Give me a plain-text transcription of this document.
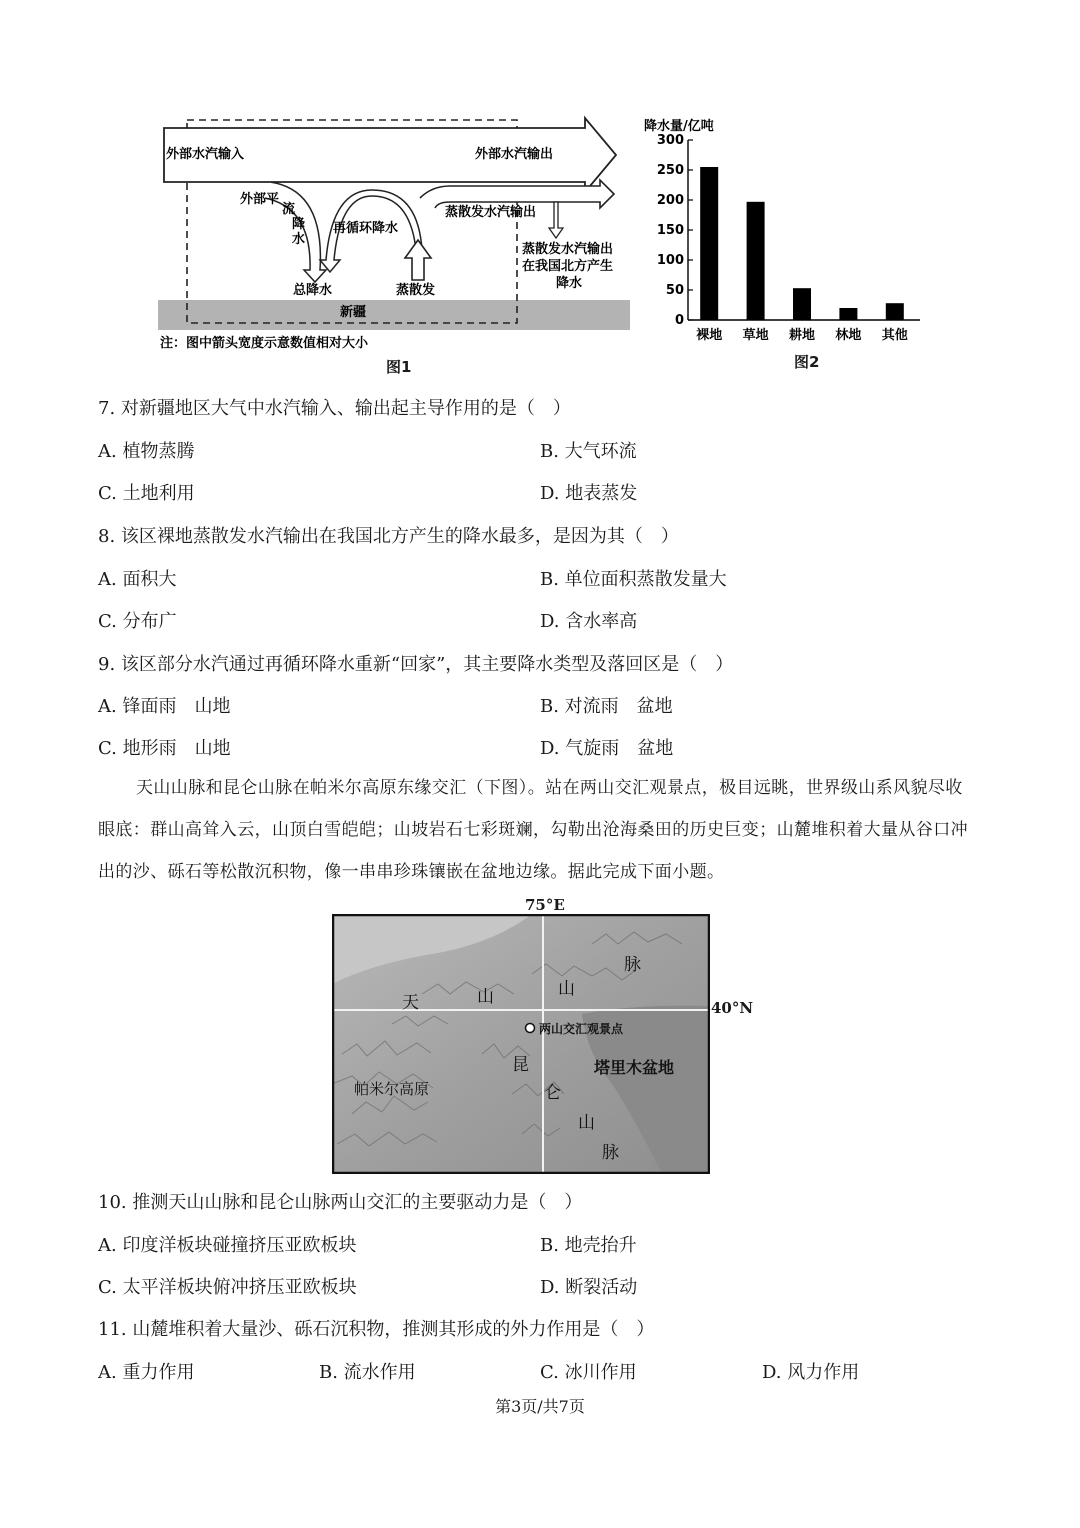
外部水汽输入	外部水汽输出
外部平
流
降
水
再循环降水
蒸散发水汽输出
蒸散发水汽输出
在我国北方产生
降水
总降水	蒸散发
新疆
注：图中箭头宽度示意数值相对大小
图1
降水量/亿吨
0
50
100
150
200
250
300
裸地 草地 耕地 林地 其他
图2
7. 对新疆地区大气中水汽输入、输出起主导作用的是（　）
A. 植物蒸腾	B. 大气环流
C. 土地利用	D. 地表蒸发
8. 该区裸地蒸散发水汽输出在我国北方产生的降水最多，是因为其（　）
A. 面积大	B. 单位面积蒸散发量大
C. 分布广	D. 含水率高
9. 该区部分水汽通过再循环降水重新“回家”，其主要降水类型及落回区是（　）
A. 锋面雨　山地	B. 对流雨　盆地
C. 地形雨　山地	D. 气旋雨　盆地
天山山脉和昆仑山脉在帕米尔高原东缘交汇（下图）。站在两山交汇观景点，极目远眺，世界级山系风貌尽收眼底：群山高耸入云，山顶白雪皑皑；山坡岩石七彩斑斓，勾勒出沧海桑田的历史巨变；山麓堆积着大量从谷口冲出的沙、砾石等松散沉积物，像一串串珍珠镶嵌在盆地边缘。据此完成下面小题。
75°E
40°N
天	山	山
脉
两山交汇观景点
昆
仑
山
脉
塔里木盆地
帕米尔高原
10. 推测天山山脉和昆仑山脉两山交汇的主要驱动力是（　）
A. 印度洋板块碰撞挤压亚欧板块	B. 地壳抬升
C. 太平洋板块俯冲挤压亚欧板块	D. 断裂活动
11. 山麓堆积着大量沙、砾石沉积物，推测其形成的外力作用是（　）
A. 重力作用	B. 流水作用	C. 冰川作用	D. 风力作用
第3页/共7页
